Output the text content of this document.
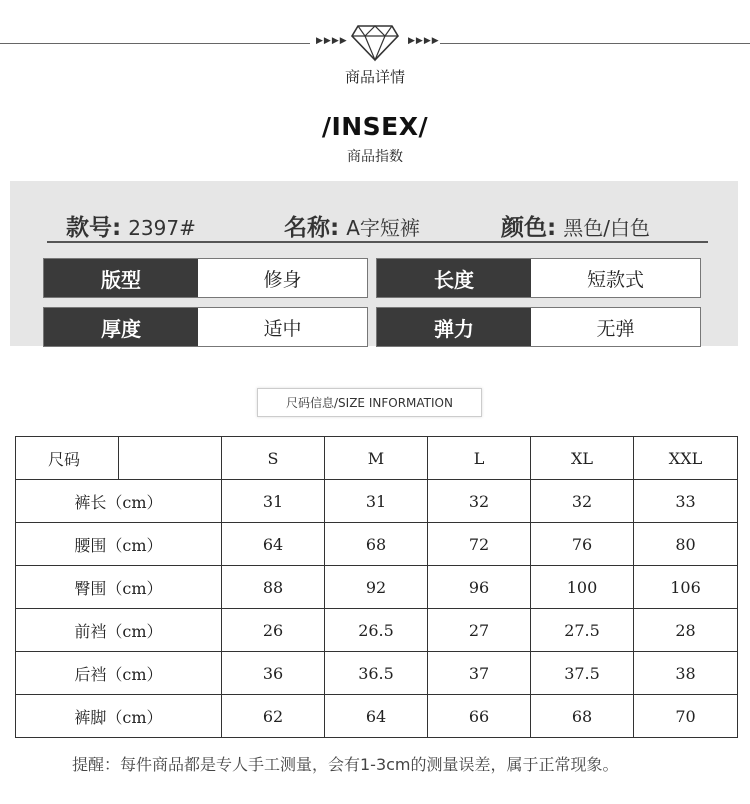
▶▶▶▶	▶▶▶▶
商品详情
/INSEX/
商品指数
款号: 2397#	名称: A字短裤	颜色: 黑色/白色
版型	修身	长度	短款式
厚度	适中	弹力	无弹
尺码信息/SIZE INFORMATION
尺码		S	M	L	XL	XXL
裤长（cm）		31	31	32	32	33
腰围（cm）		64	68	72	76	80
臀围（cm）		88	92	96	100	106
前裆（cm）		26	26.5	27	27.5	28
后裆（cm）		36	36.5	37	37.5	38
裤脚（cm）		62	64	66	68	70
提醒：每件商品都是专人手工测量，会有1-3cm的测量误差，属于正常现象。
